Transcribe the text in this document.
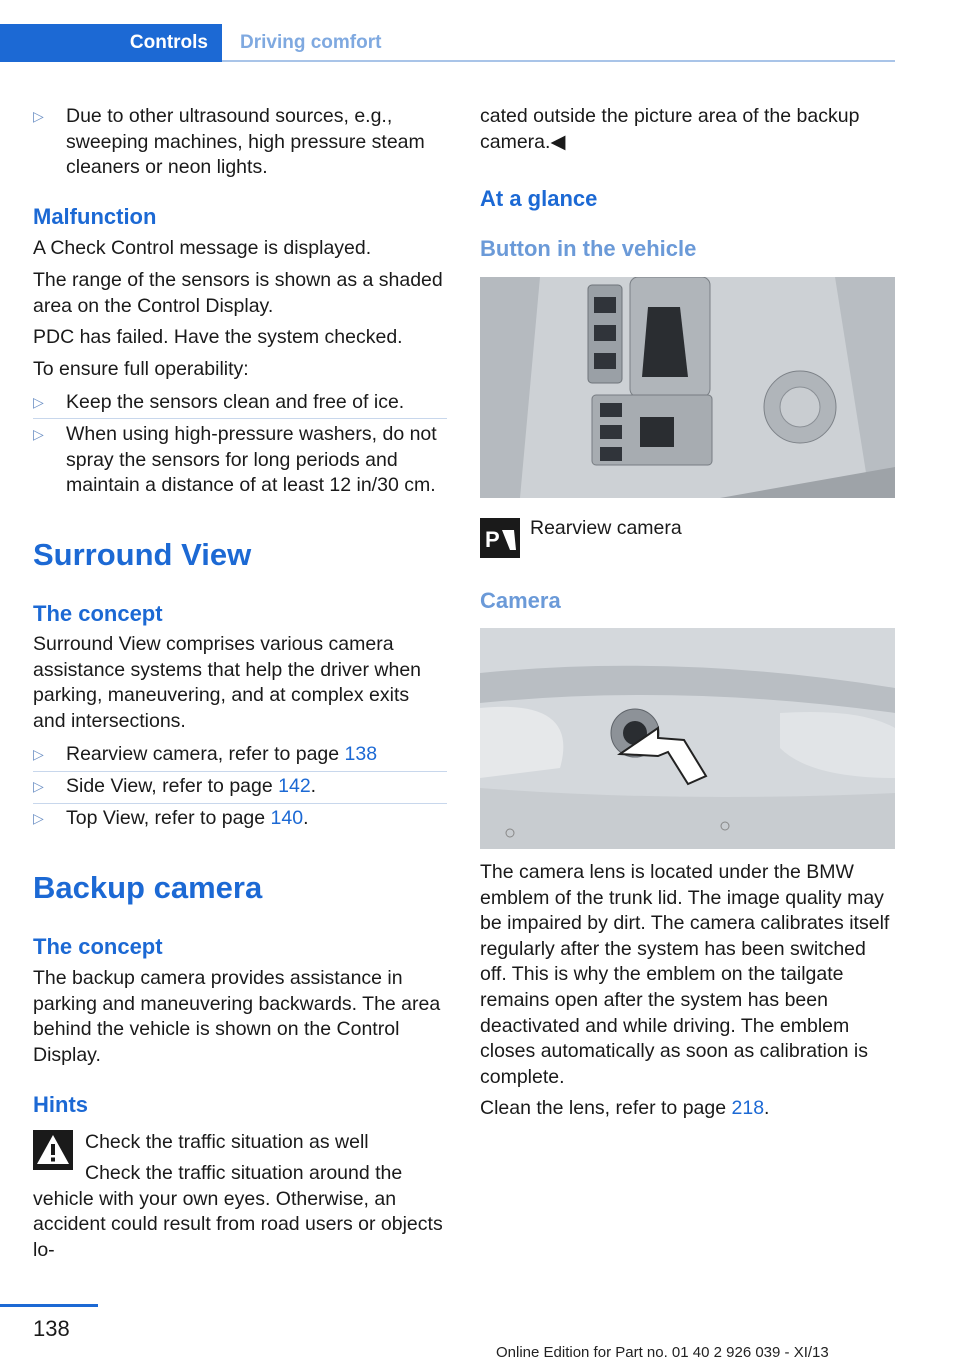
Controls	Driving comfort
▷ Due to other ultrasound sources, e.g., sweeping machines, high pressure steam cleaners or neon lights.
Malfunction
A Check Control message is displayed.
The range of the sensors is shown as a shaded area on the Control Display.
PDC has failed. Have the system checked.
To ensure full operability:
▷ Keep the sensors clean and free of ice.
▷ When using high-pressure washers, do not spray the sensors for long periods and maintain a distance of at least 12 in/30 cm.
Surround View
The concept
Surround View comprises various camera assistance systems that help the driver when parking, maneuvering, and at complex exits and intersections.
▷ Rearview camera, refer to page 138
▷ Side View, refer to page 142.
▷ Top View, refer to page 140.
Backup camera
The concept
The backup camera provides assistance in parking and maneuvering backwards. The area behind the vehicle is shown on the Control Display.
Hints
Check the traffic situation as well
Check the traffic situation around the vehicle with your own eyes. Otherwise, an accident could result from road users or objects lo-
cated outside the picture area of the backup camera.◀
At a glance
Button in the vehicle
P Rearview camera
Camera
The camera lens is located under the BMW emblem of the trunk lid. The image quality may be impaired by dirt. The camera calibrates itself regularly after the system has been switched off. This is why the emblem on the tailgate remains open after the system has been deactivated and while driving. The emblem closes automatically as soon as calibration is complete.
Clean the lens, refer to page 218.
138
Online Edition for Part no. 01 40 2 926 039 - XI/13
